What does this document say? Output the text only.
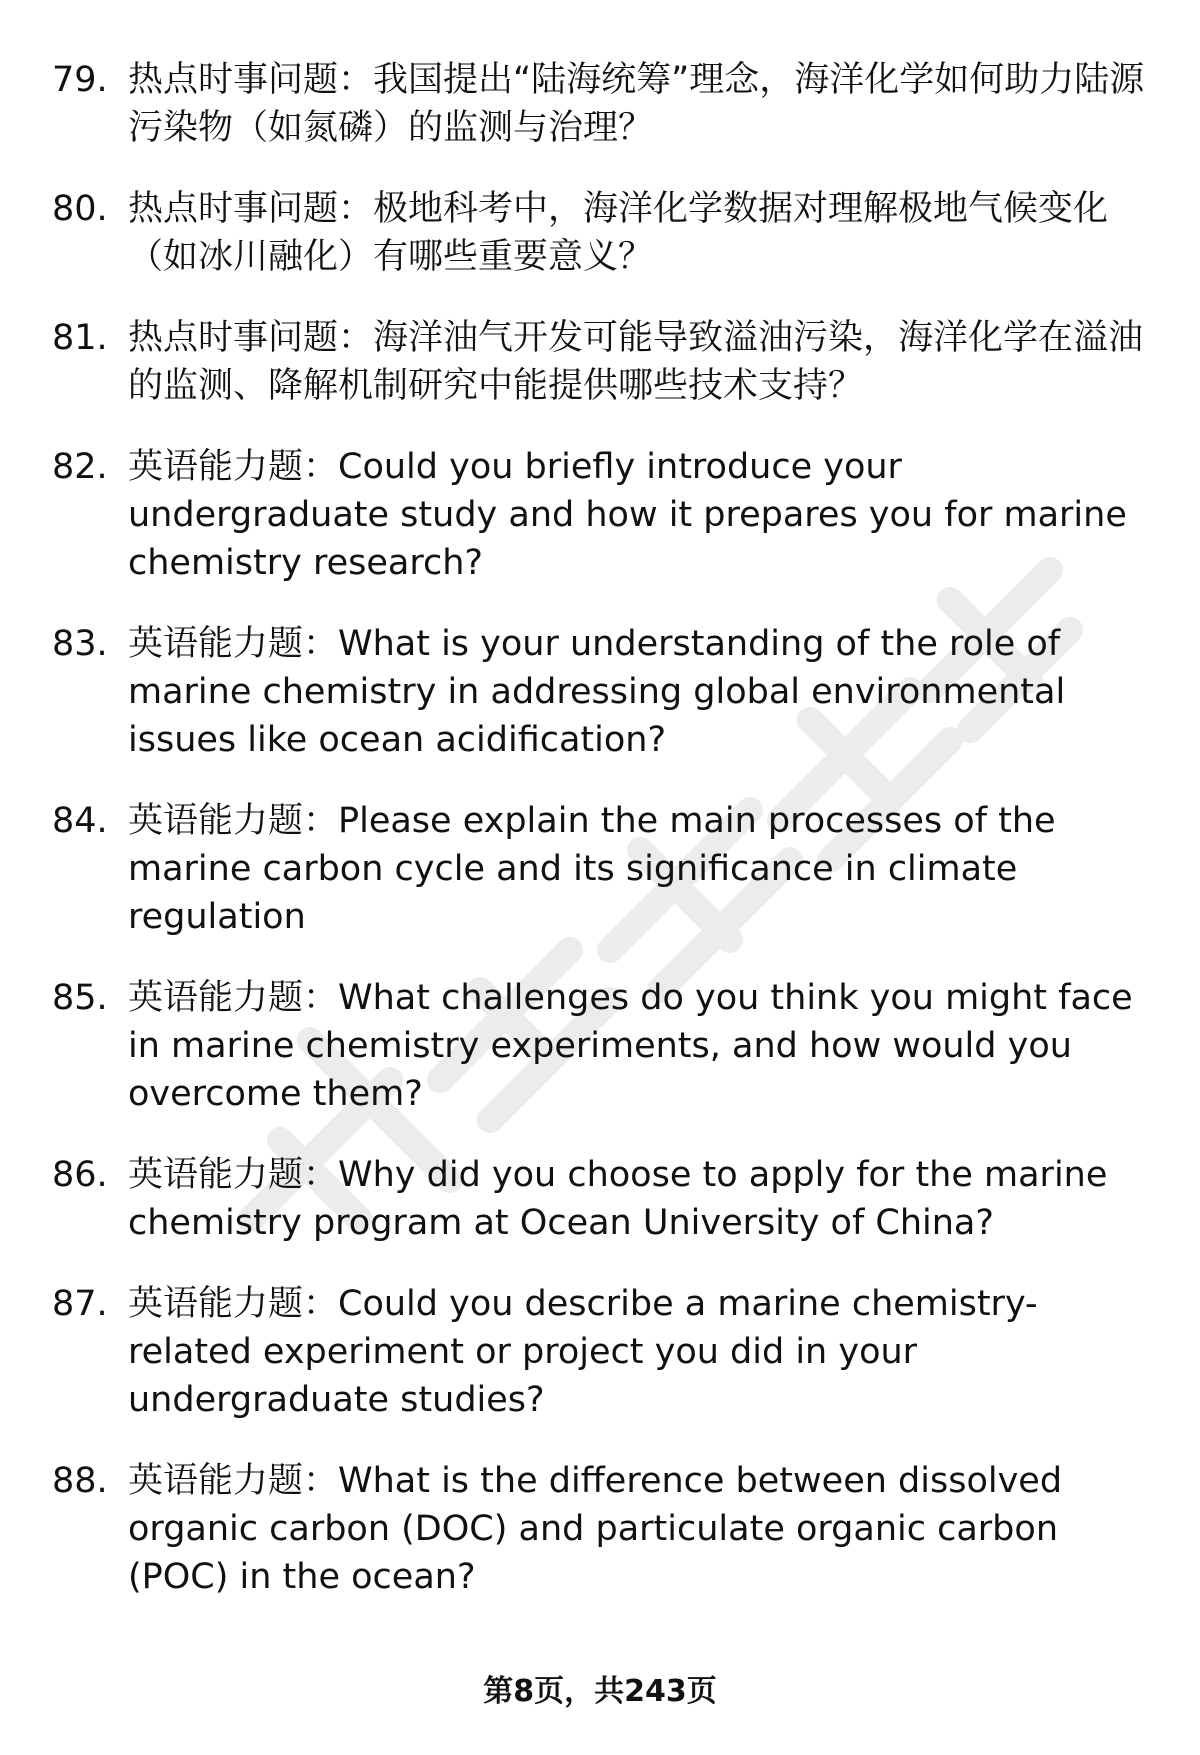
79. 热点时事问题：我国提出“陆海统筹”理念，海洋化学如何助力陆源污染物（如氮磷）的监测与治理？
80. 热点时事问题：极地科考中，海洋化学数据对理解极地气候变化（如冰川融化）有哪些重要意义？
81. 热点时事问题：海洋油气开发可能导致溢油污染，海洋化学在溢油的监测、降解机制研究中能提供哪些技术支持？
82. 英语能力题：Could you briefly introduce your undergraduate study and how it prepares you for marine chemistry research?
83. 英语能力题：What is your understanding of the role of marine chemistry in addressing global environmental issues like ocean acidification?
84. 英语能力题：Please explain the main processes of the marine carbon cycle and its significance in climate regulation
85. 英语能力题：What challenges do you think you might face in marine chemistry experiments, and how would you overcome them?
86. 英语能力题：Why did you choose to apply for the marine chemistry program at Ocean University of China?
87. 英语能力题：Could you describe a marine chemistry-related experiment or project you did in your undergraduate studies?
88. 英语能力题：What is the difference between dissolved organic carbon (DOC) and particulate organic carbon (POC) in the ocean?
第8页，共243页
